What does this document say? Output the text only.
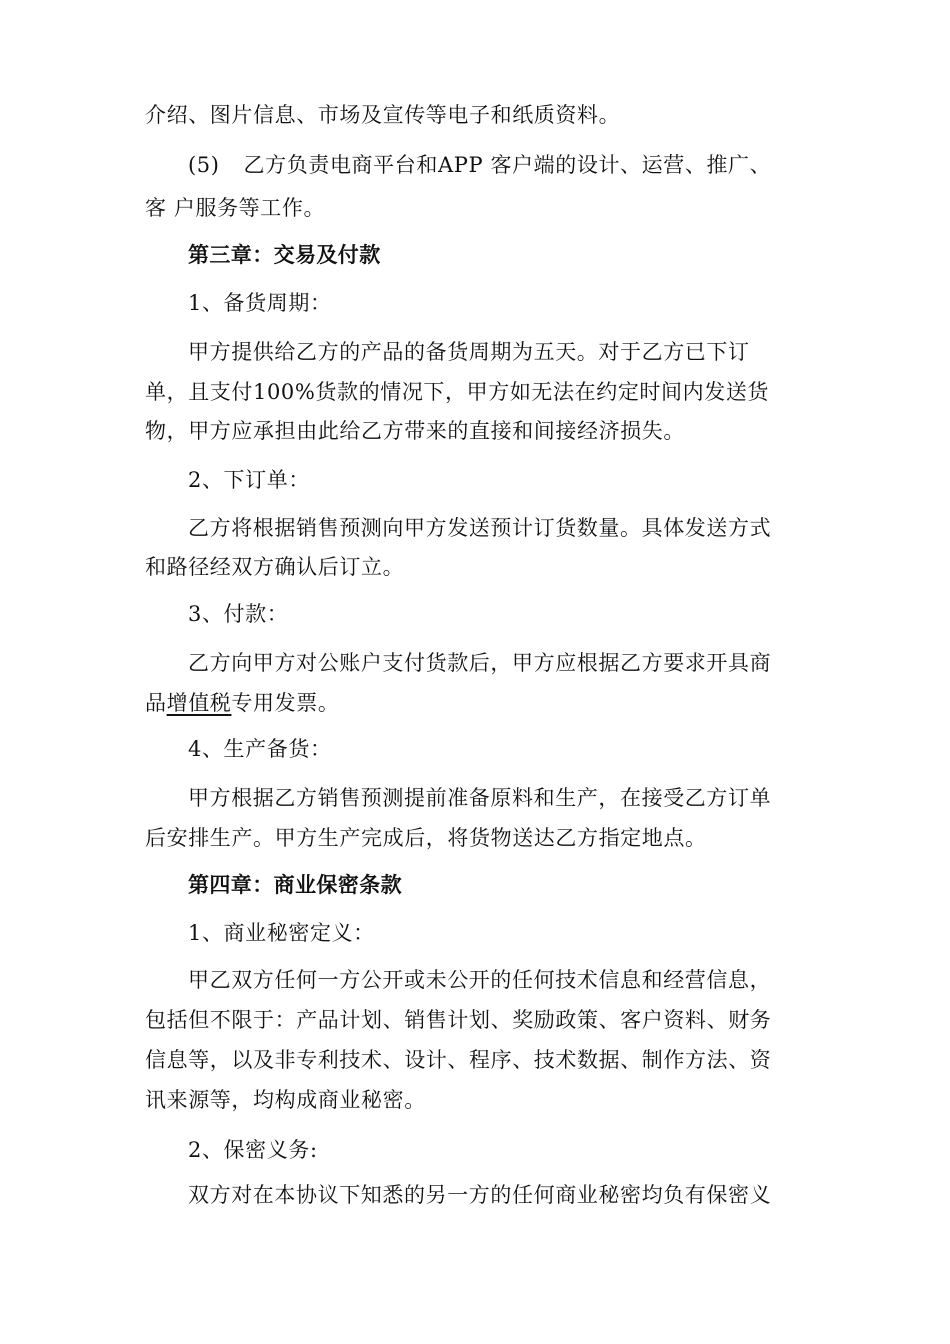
介绍、图片信息、市场及宣传等电子和纸质资料。
(5) 乙方负责电商平台和APP 客户端的设计、运营、推广、
客 户服务等工作。
第三章：交易及付款
1、备货周期：
甲方提供给乙方的产品的备货周期为五天。对于乙方已下订
单，且支付100%货款的情况下，甲方如无法在约定时间内发送货
物，甲方应承担由此给乙方带来的直接和间接经济损失。
2、下订单：
乙方将根据销售预测向甲方发送预计订货数量。具体发送方式
和路径经双方确认后订立。
3、付款：
乙方向甲方对公账户支付货款后，甲方应根据乙方要求开具商
品增值税专用发票。
4、生产备货：
甲方根据乙方销售预测提前准备原料和生产，在接受乙方订单
后安排生产。甲方生产完成后，将货物送达乙方指定地点。
第四章：商业保密条款
1、商业秘密定义：
甲乙双方任何一方公开或未公开的任何技术信息和经营信息，
包括但不限于：产品计划、销售计划、奖励政策、客户资料、财务
信息等，以及非专利技术、设计、程序、技术数据、制作方法、资
讯来源等，均构成商业秘密。
2、保密义务:
双方对在本协议下知悉的另一方的任何商业秘密均负有保密义
